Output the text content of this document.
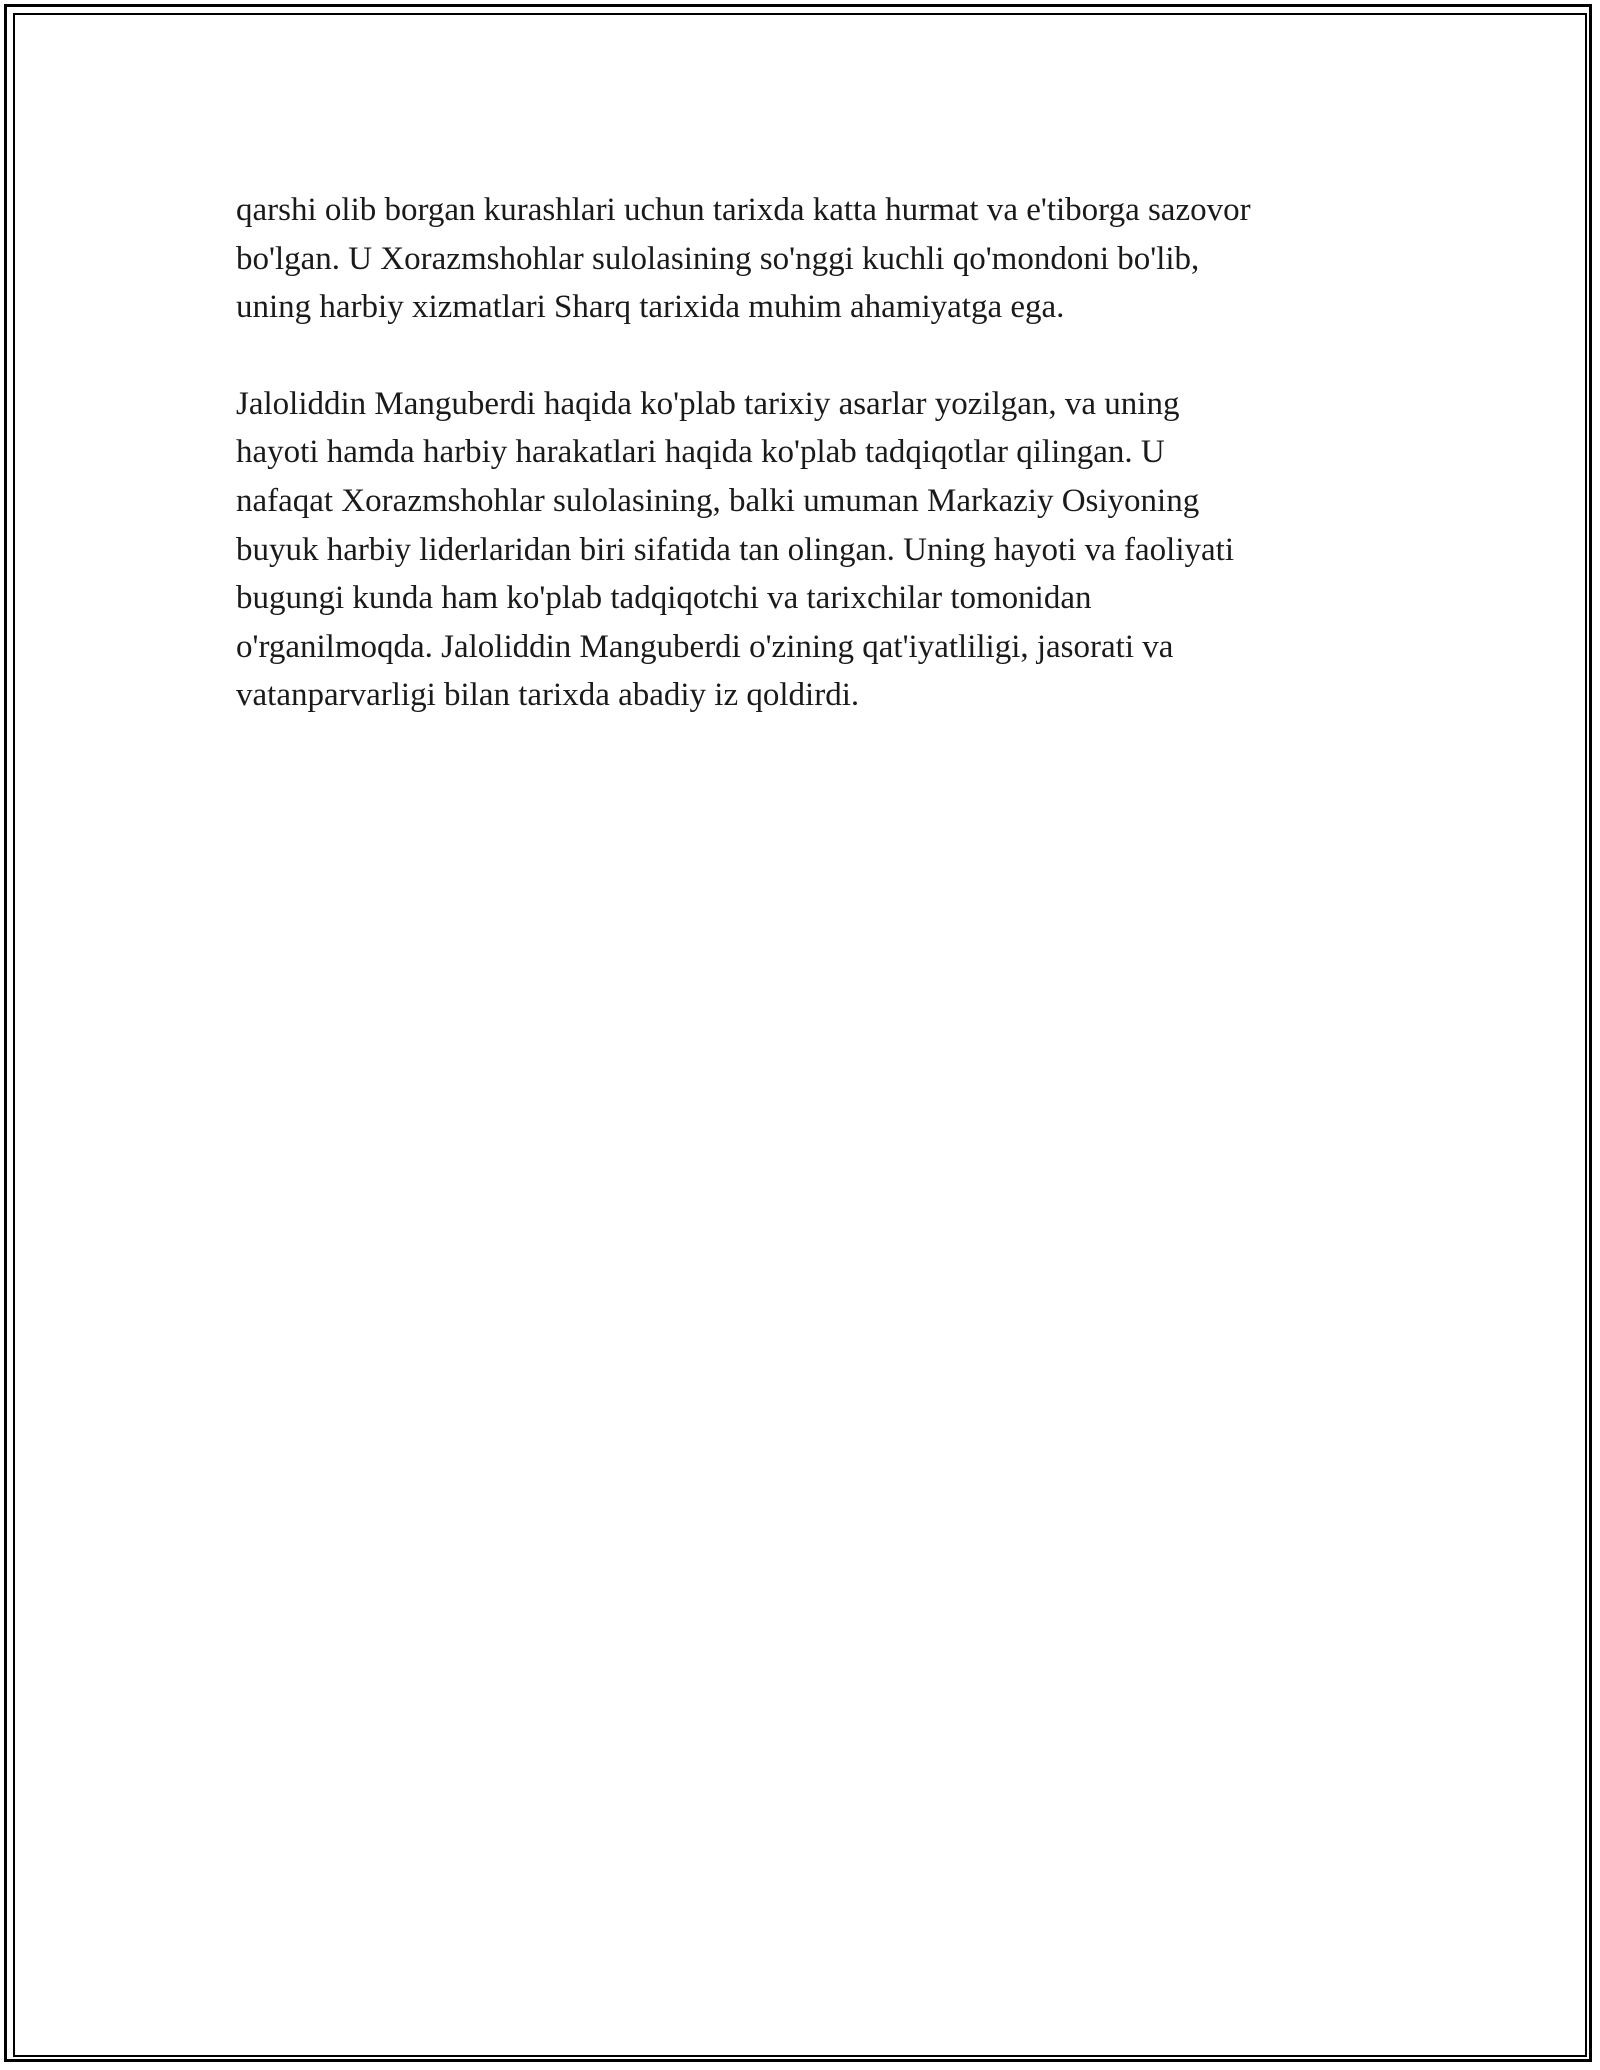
qarshi olib borgan kurashlari uchun tarixda katta hurmat va e'tiborga sazovor
bo'lgan. U Xorazmshohlar sulolasining so'nggi kuchli qo'mondoni bo'lib,
uning harbiy xizmatlari Sharq tarixida muhim ahamiyatga ega.

Jaloliddin Manguberdi haqida ko'plab tarixiy asarlar yozilgan, va uning
hayoti hamda harbiy harakatlari haqida ko'plab tadqiqotlar qilingan. U
nafaqat Xorazmshohlar sulolasining, balki umuman Markaziy Osiyoning
buyuk harbiy liderlaridan biri sifatida tan olingan. Uning hayoti va faoliyati
bugungi kunda ham ko'plab tadqiqotchi va tarixchilar tomonidan
o'rganilmoqda. Jaloliddin Manguberdi o'zining qat'iyatliligi, jasorati va
vatanparvarligi bilan tarixda abadiy iz qoldirdi.
